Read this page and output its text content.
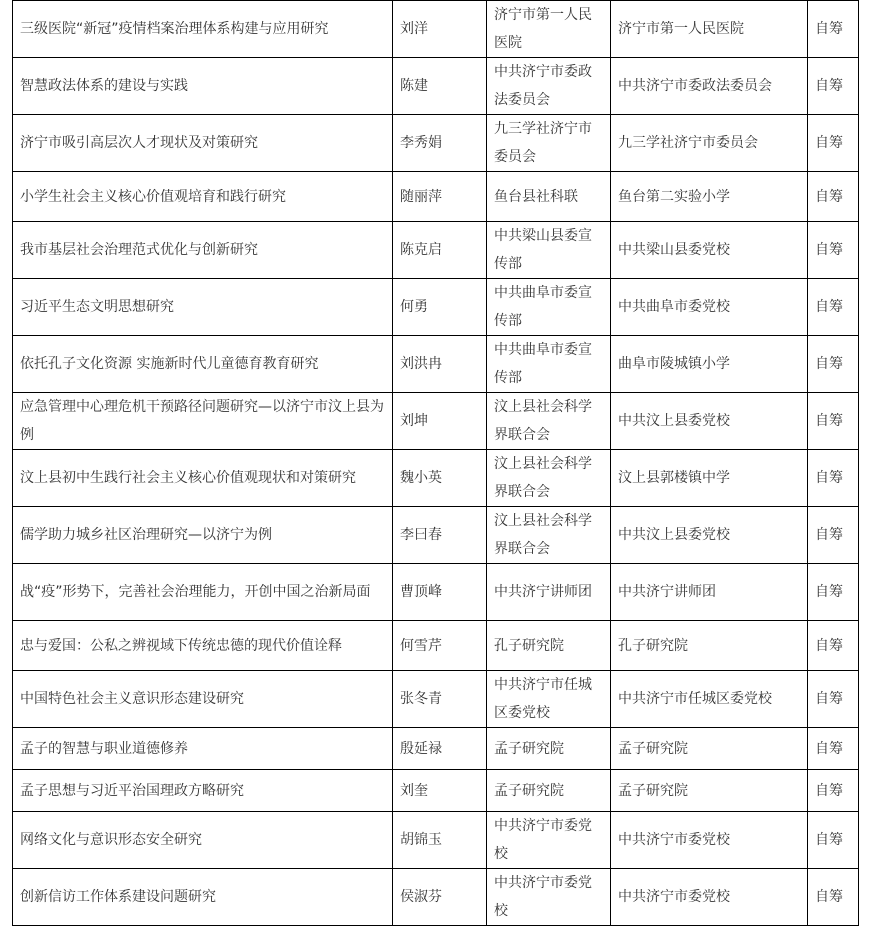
三级医院“新冠”疫情档案治理体系构建与应用研究	刘洋	济宁市第一人民医院	济宁市第一人民医院	自筹
智慧政法体系的建设与实践	陈建	中共济宁市委政法委员会	中共济宁市委政法委员会	自筹
济宁市吸引高层次人才现状及对策研究	李秀娟	九三学社济宁市委员会	九三学社济宁市委员会	自筹
小学生社会主义核心价值观培育和践行研究	随丽萍	鱼台县社科联	鱼台第二实验小学	自筹
我市基层社会治理范式优化与创新研究	陈克启	中共梁山县委宣传部	中共梁山县委党校	自筹
习近平生态文明思想研究	何勇	中共曲阜市委宣传部	中共曲阜市委党校	自筹
依托孔子文化资源 实施新时代儿童德育教育研究	刘洪冉	中共曲阜市委宣传部	曲阜市陵城镇小学	自筹
应急管理中心理危机干预路径问题研究—以济宁市汶上县为例	刘坤	汶上县社会科学界联合会	中共汶上县委党校	自筹
汶上县初中生践行社会主义核心价值观现状和对策研究	魏小英	汶上县社会科学界联合会	汶上县郭楼镇中学	自筹
儒学助力城乡社区治理研究—以济宁为例	李曰春	汶上县社会科学界联合会	中共汶上县委党校	自筹
战“疫”形势下，完善社会治理能力，开创中国之治新局面	曹顶峰	中共济宁讲师团	中共济宁讲师团	自筹
忠与爱国：公私之辨视域下传统忠德的现代价值诠释	何雪芹	孔子研究院	孔子研究院	自筹
中国特色社会主义意识形态建设研究	张冬青	中共济宁市任城区委党校	中共济宁市任城区委党校	自筹
孟子的智慧与职业道德修养	殷延禄	孟子研究院	孟子研究院	自筹
孟子思想与习近平治国理政方略研究	刘奎	孟子研究院	孟子研究院	自筹
网络文化与意识形态安全研究	胡锦玉	中共济宁市委党校	中共济宁市委党校	自筹
创新信访工作体系建设问题研究	侯淑芬	中共济宁市委党校	中共济宁市委党校	自筹
